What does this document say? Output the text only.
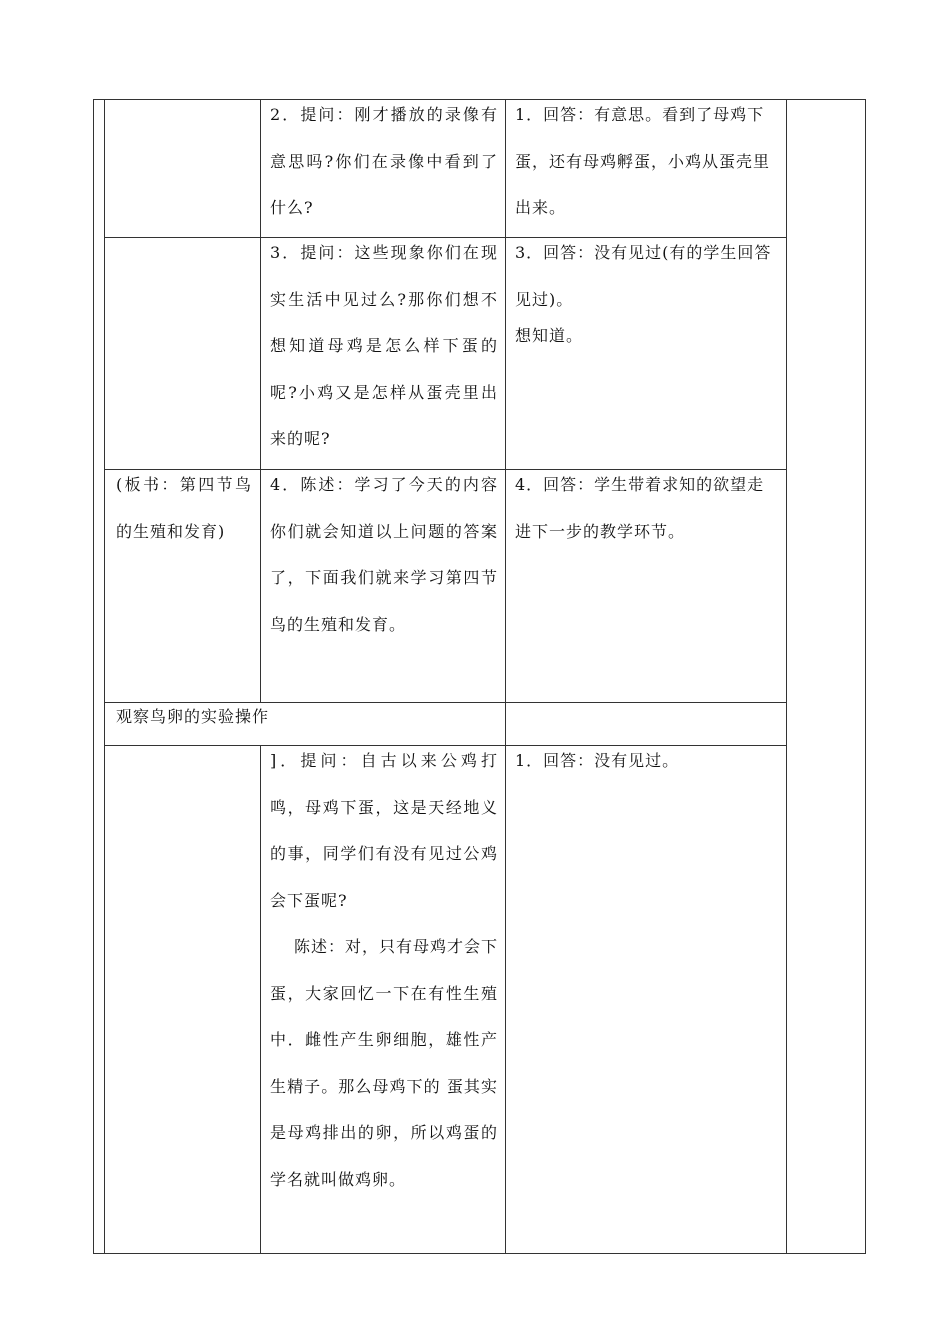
2．提问：刚才播放的录像有意思吗?你们在录像中看到了什么?
1．回答：有意思。看到了母鸡下蛋，还有母鸡孵蛋，小鸡从蛋壳里出来。
3．提问：这些现象你们在现实生活中见过么?那你们想不想知道母鸡是怎么样下蛋的呢?小鸡又是怎样从蛋壳里出来的呢?
3．回答：没有见过(有的学生回答见过)。
想知道。
(板书：第四节鸟的生殖和发育)
4．陈述：学习了今天的内容你们就会知道以上问题的答案了，下面我们就来学习第四节鸟的生殖和发育。
4．回答：学生带着求知的欲望走进下一步的教学环节。
观察鸟卵的实验操作
]．提问：自古以来公鸡打鸣，母鸡下蛋，这是天经地义的事，同学们有没有见过公鸡会下蛋呢?
陈述：对，只有母鸡才会下蛋，大家回忆一下在有性生殖中．雌性产生卵细胞，雄性产生精子。那么母鸡下的 蛋其实是母鸡排出的卵，所以鸡蛋的学名就叫做鸡卵。
1．回答：没有见过。
